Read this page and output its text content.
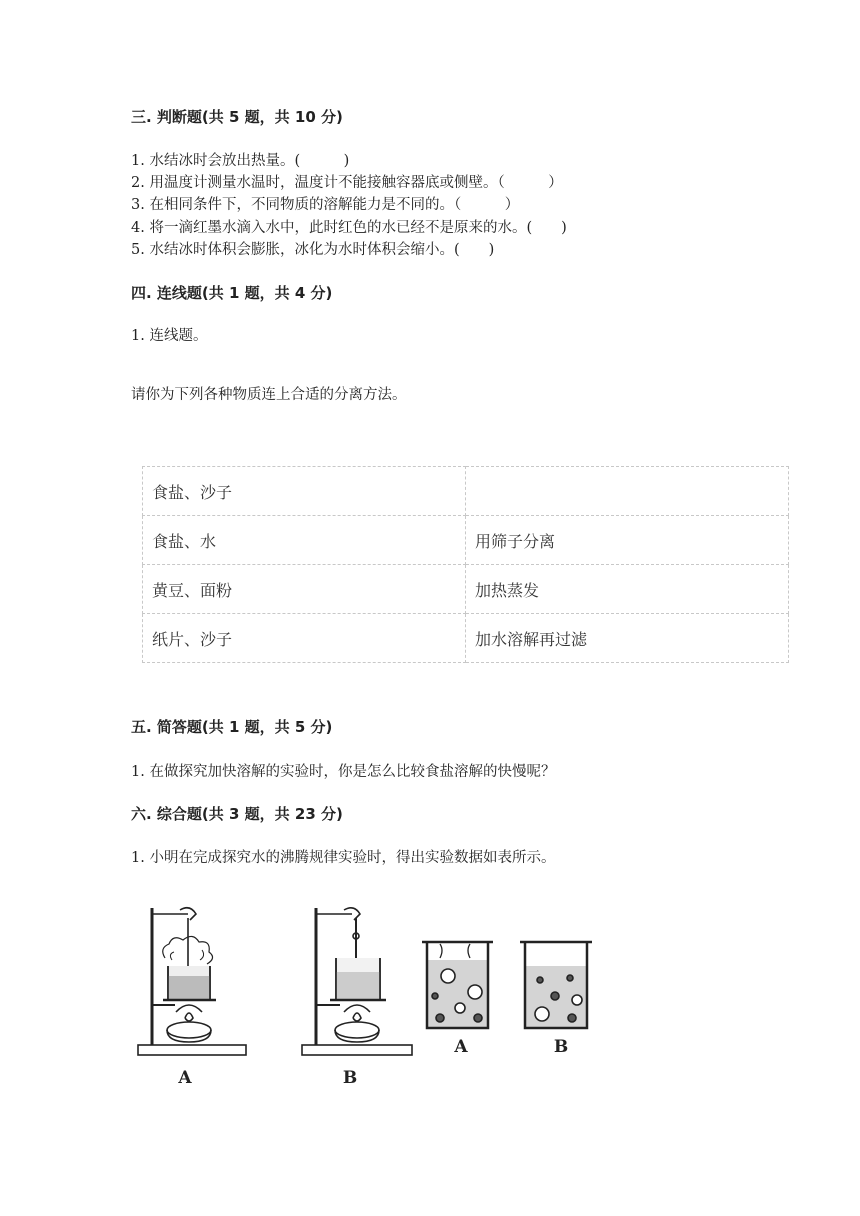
三. 判断题(共 5 题，共 10 分)
1. 水结冰时会放出热量。(　　　)
2. 用温度计测量水温时，温度计不能接触容器底或侧壁。（　　　）
3. 在相同条件下，不同物质的溶解能力是不同的。（　　　）
4. 将一滴红墨水滴入水中，此时红色的水已经不是原来的水。(　　)
5. 水结冰时体积会膨胀，冰化为水时体积会缩小。(　　)
四. 连线题(共 1 题，共 4 分)
1. 连线题。
请你为下列各种物质连上合适的分离方法。
食盐、沙子	
食盐、水	用筛子分离
黄豆、面粉	加热蒸发
纸片、沙子	加水溶解再过滤
五. 简答题(共 1 题，共 5 分)
1. 在做探究加快溶解的实验时，你是怎么比较食盐溶解的快慢呢？
六. 综合题(共 3 题，共 23 分)
1. 小明在完成探究水的沸腾规律实验时，得出实验数据如表所示。
A	B
A	B
